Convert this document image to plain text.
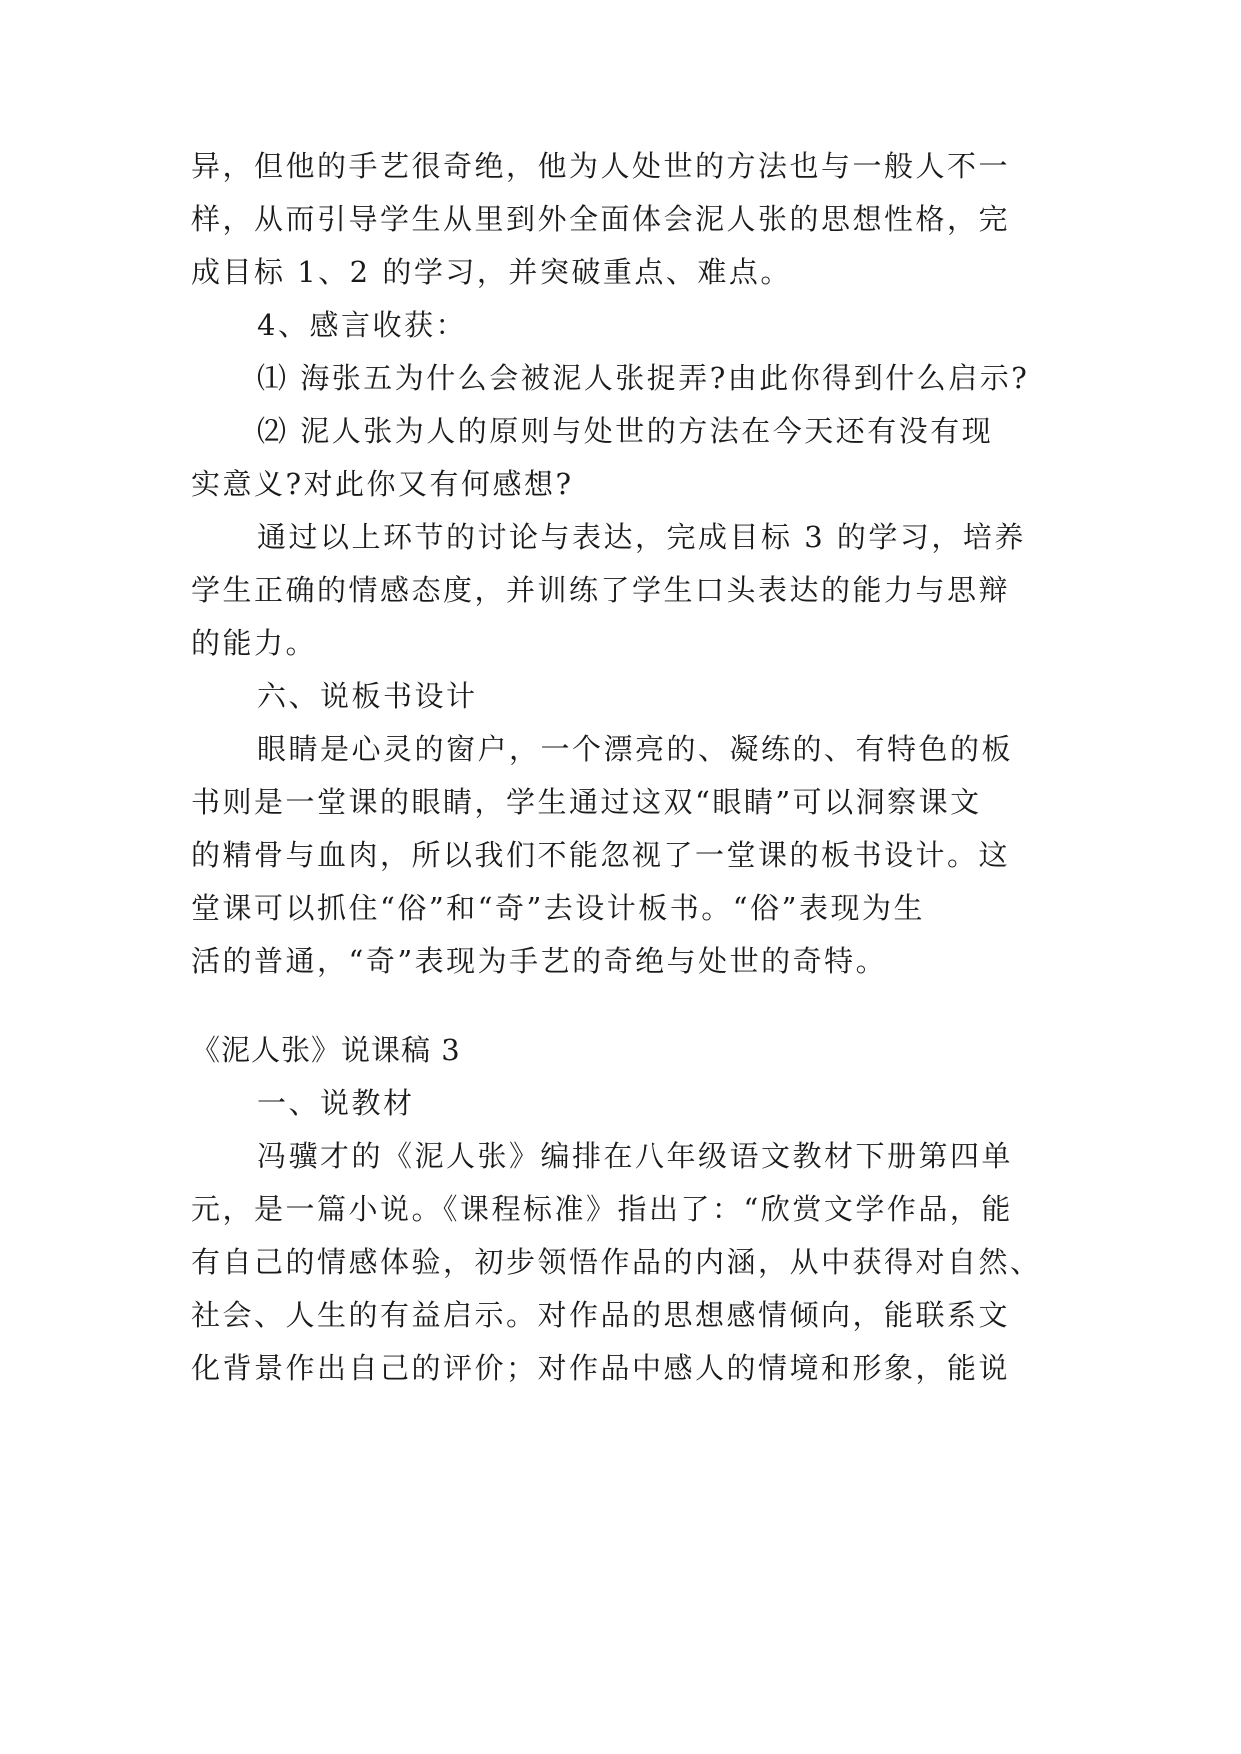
异，但他的手艺很奇绝，他为人处世的方法也与一般人不一
样，从而引导学生从里到外全面体会泥人张的思想性格，完
成目标 1、2 的学习，并突破重点、难点。
4、感言收获：
⑴ 海张五为什么会被泥人张捉弄?由此你得到什么启示?
⑵ 泥人张为人的原则与处世的方法在今天还有没有现
实意义?对此你又有何感想?
通过以上环节的讨论与表达，完成目标 3 的学习，培养
学生正确的情感态度，并训练了学生口头表达的能力与思辩
的能力。
六、说板书设计
眼睛是心灵的窗户，一个漂亮的、凝练的、有特色的板
书则是一堂课的眼睛，学生通过这双“眼睛”可以洞察课文
的精骨与血肉，所以我们不能忽视了一堂课的板书设计。这
堂课可以抓住“俗”和“奇”去设计板书。“俗”表现为生
活的普通，“奇”表现为手艺的奇绝与处世的奇特。
《泥人张》说课稿 3
一、说教材
冯骥才的《泥人张》编排在八年级语文教材下册第四单
元，是一篇小说。《课程标准》指出了：“欣赏文学作品，能
有自己的情感体验，初步领悟作品的内涵，从中获得对自然、
社会、人生的有益启示。对作品的思想感情倾向，能联系文
化背景作出自己的评价；对作品中感人的情境和形象，能说
